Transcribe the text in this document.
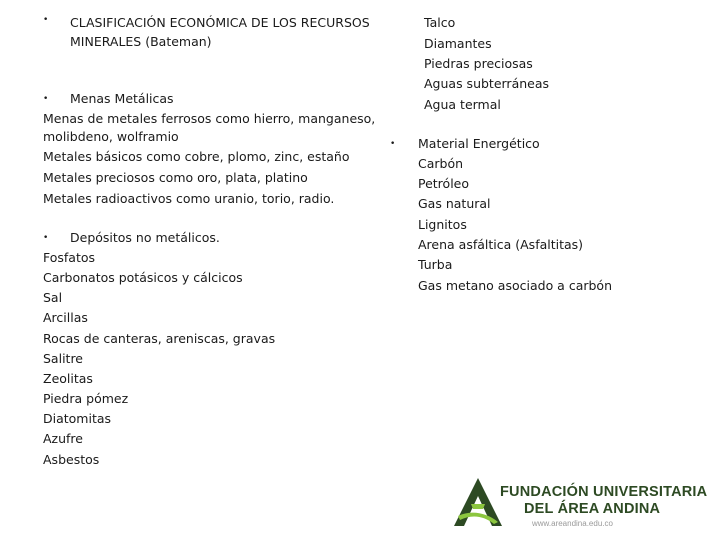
• CLASIFICACIÓN ECONÓMICA DE LOS RECURSOS
MINERALES (Bateman)
• Menas Metálicas
Menas de metales ferrosos como hierro, manganeso,
molibdeno, wolframio
Metales básicos como cobre, plomo, zinc, estaño
Metales preciosos como oro, plata, platino
Metales radioactivos como uranio, torio, radio.
• Depósitos no metálicos.
Fosfatos
Carbonatos potásicos y cálcicos
Sal
Arcillas
Rocas de canteras, areniscas, gravas
Salitre
Zeolitas
Piedra pómez
Diatomitas
Azufre
Asbestos
Talco
Diamantes
Piedras preciosas
Aguas subterráneas
Agua termal
• Material Energético
Carbón
Petróleo
Gas natural
Lignitos
Arena asfáltica (Asfaltitas)
Turba
Gas metano asociado a carbón
FUNDACIÓN UNIVERSITARIA
DEL ÁREA ANDINA
www.areandina.edu.co
